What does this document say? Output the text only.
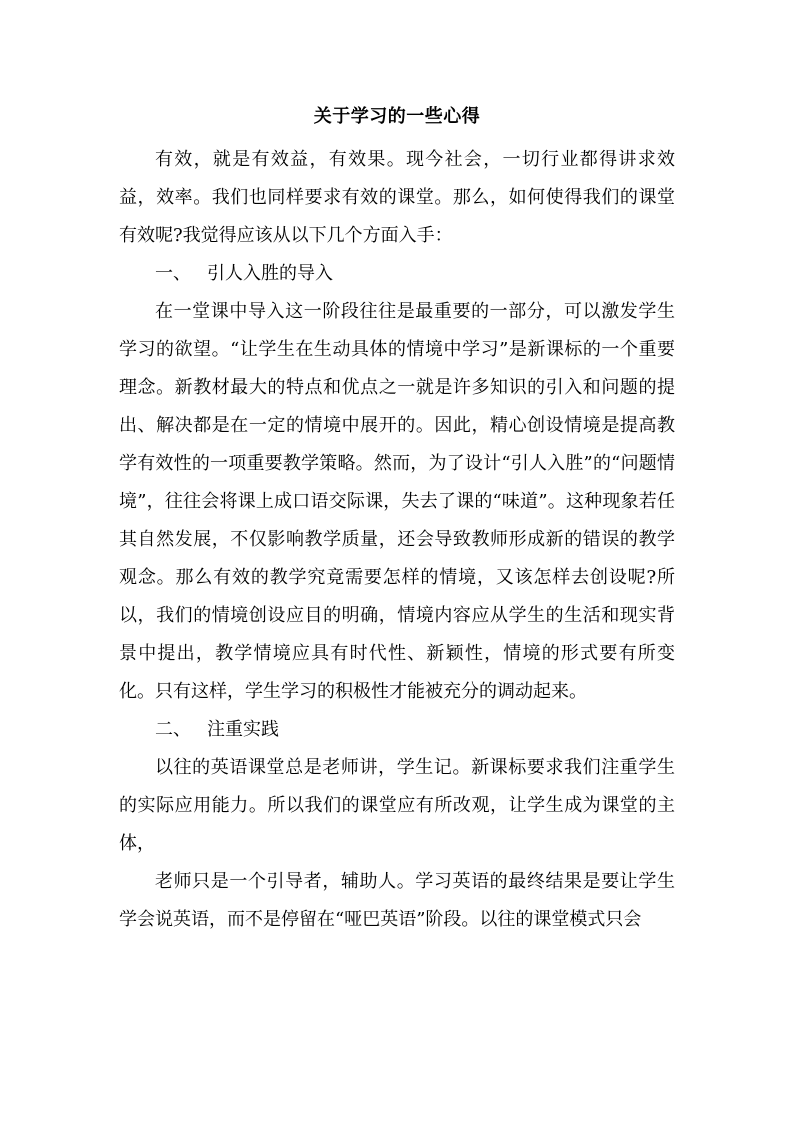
关于学习的一些心得

有效，就是有效益，有效果。现今社会，一切行业都得讲求效益，效率。我们也同样要求有效的课堂。那么，如何使得我们的课堂有效呢?我觉得应该从以下几个方面入手：

一、 引人入胜的导入

在一堂课中导入这一阶段往往是最重要的一部分，可以激发学生学习的欲望。“让学生在生动具体的情境中学习”是新课标的一个重要理念。新教材最大的特点和优点之一就是许多知识的引入和问题的提出、解决都是在一定的情境中展开的。因此，精心创设情境是提高教学有效性的一项重要教学策略。然而，为了设计“引人入胜”的“问题情境”，往往会将课上成口语交际课，失去了课的“味道”。这种现象若任其自然发展，不仅影响教学质量，还会导致教师形成新的错误的教学观念。那么有效的教学究竟需要怎样的情境，又该怎样去创设呢?所以，我们的情境创设应目的明确，情境内容应从学生的生活和现实背景中提出，教学情境应具有时代性、新颖性，情境的形式要有所变化。只有这样，学生学习的积极性才能被充分的调动起来。

二、 注重实践

以往的英语课堂总是老师讲，学生记。新课标要求我们注重学生的实际应用能力。所以我们的课堂应有所改观，让学生成为课堂的主体，

老师只是一个引导者，辅助人。学习英语的最终结果是要让学生学会说英语，而不是停留在“哑巴英语”阶段。以往的课堂模式只会
